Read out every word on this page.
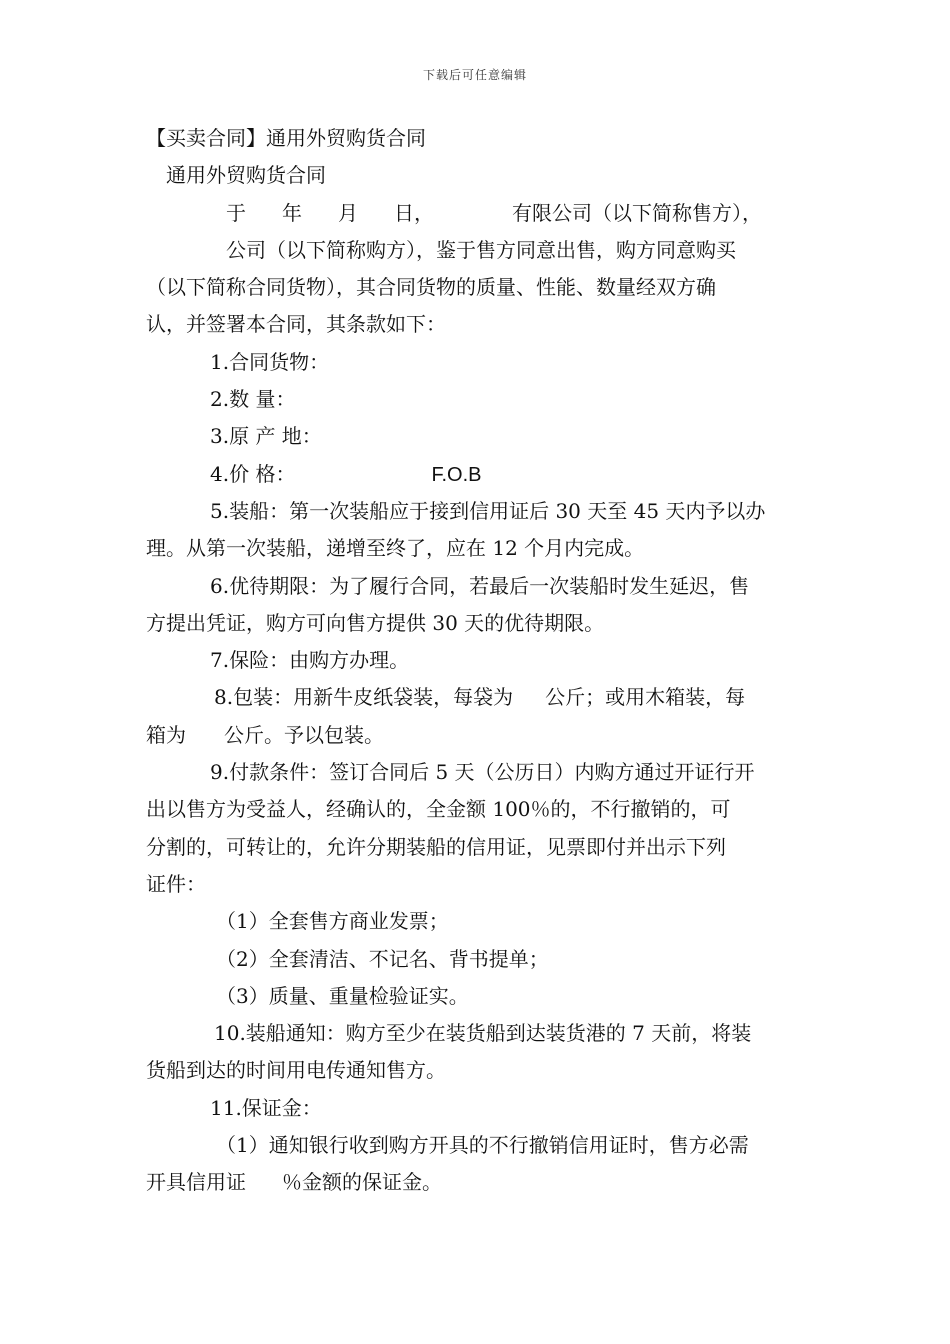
下载后可任意编辑
【买卖合同】通用外贸购货合同
通用外贸购货合同
于 年 月 日，	有限公司（以下简称售方），
公司（以下简称购方），鉴于售方同意出售，购方同意购买
（以下简称合同货物），其合同货物的质量、性能、数量经双方确
认，并签署本合同，其条款如下：
1.合同货物：
2.数 量：
3.原 产 地：
4.价 格：	F.O.B
5.装船：第一次装船应于接到信用证后 30 天至 45 天内予以办
理。从第一次装船，递增至终了，应在 12 个月内完成。
6.优待期限：为了履行合同，若最后一次装船时发生延迟，售
方提出凭证，购方可向售方提供 30 天的优待期限。
7.保险：由购方办理。
8.包装：用新牛皮纸袋装，每袋为 公斤；或用木箱装，每
箱为 公斤。予以包装。
9.付款条件：签订合同后 5 天（公历日）内购方通过开证行开
出以售方为受益人，经确认的，全金额 100％的，不行撤销的，可
分割的，可转让的，允许分期装船的信用证，见票即付并出示下列
证件：
（1）全套售方商业发票；
（2）全套清洁、不记名、背书提单；
（3）质量、重量检验证实。
10.装船通知：购方至少在装货船到达装货港的 7 天前，将装
货船到达的时间用电传通知售方。
11.保证金：
（1）通知银行收到购方开具的不行撤销信用证时，售方必需
开具信用证 ％金额的保证金。
